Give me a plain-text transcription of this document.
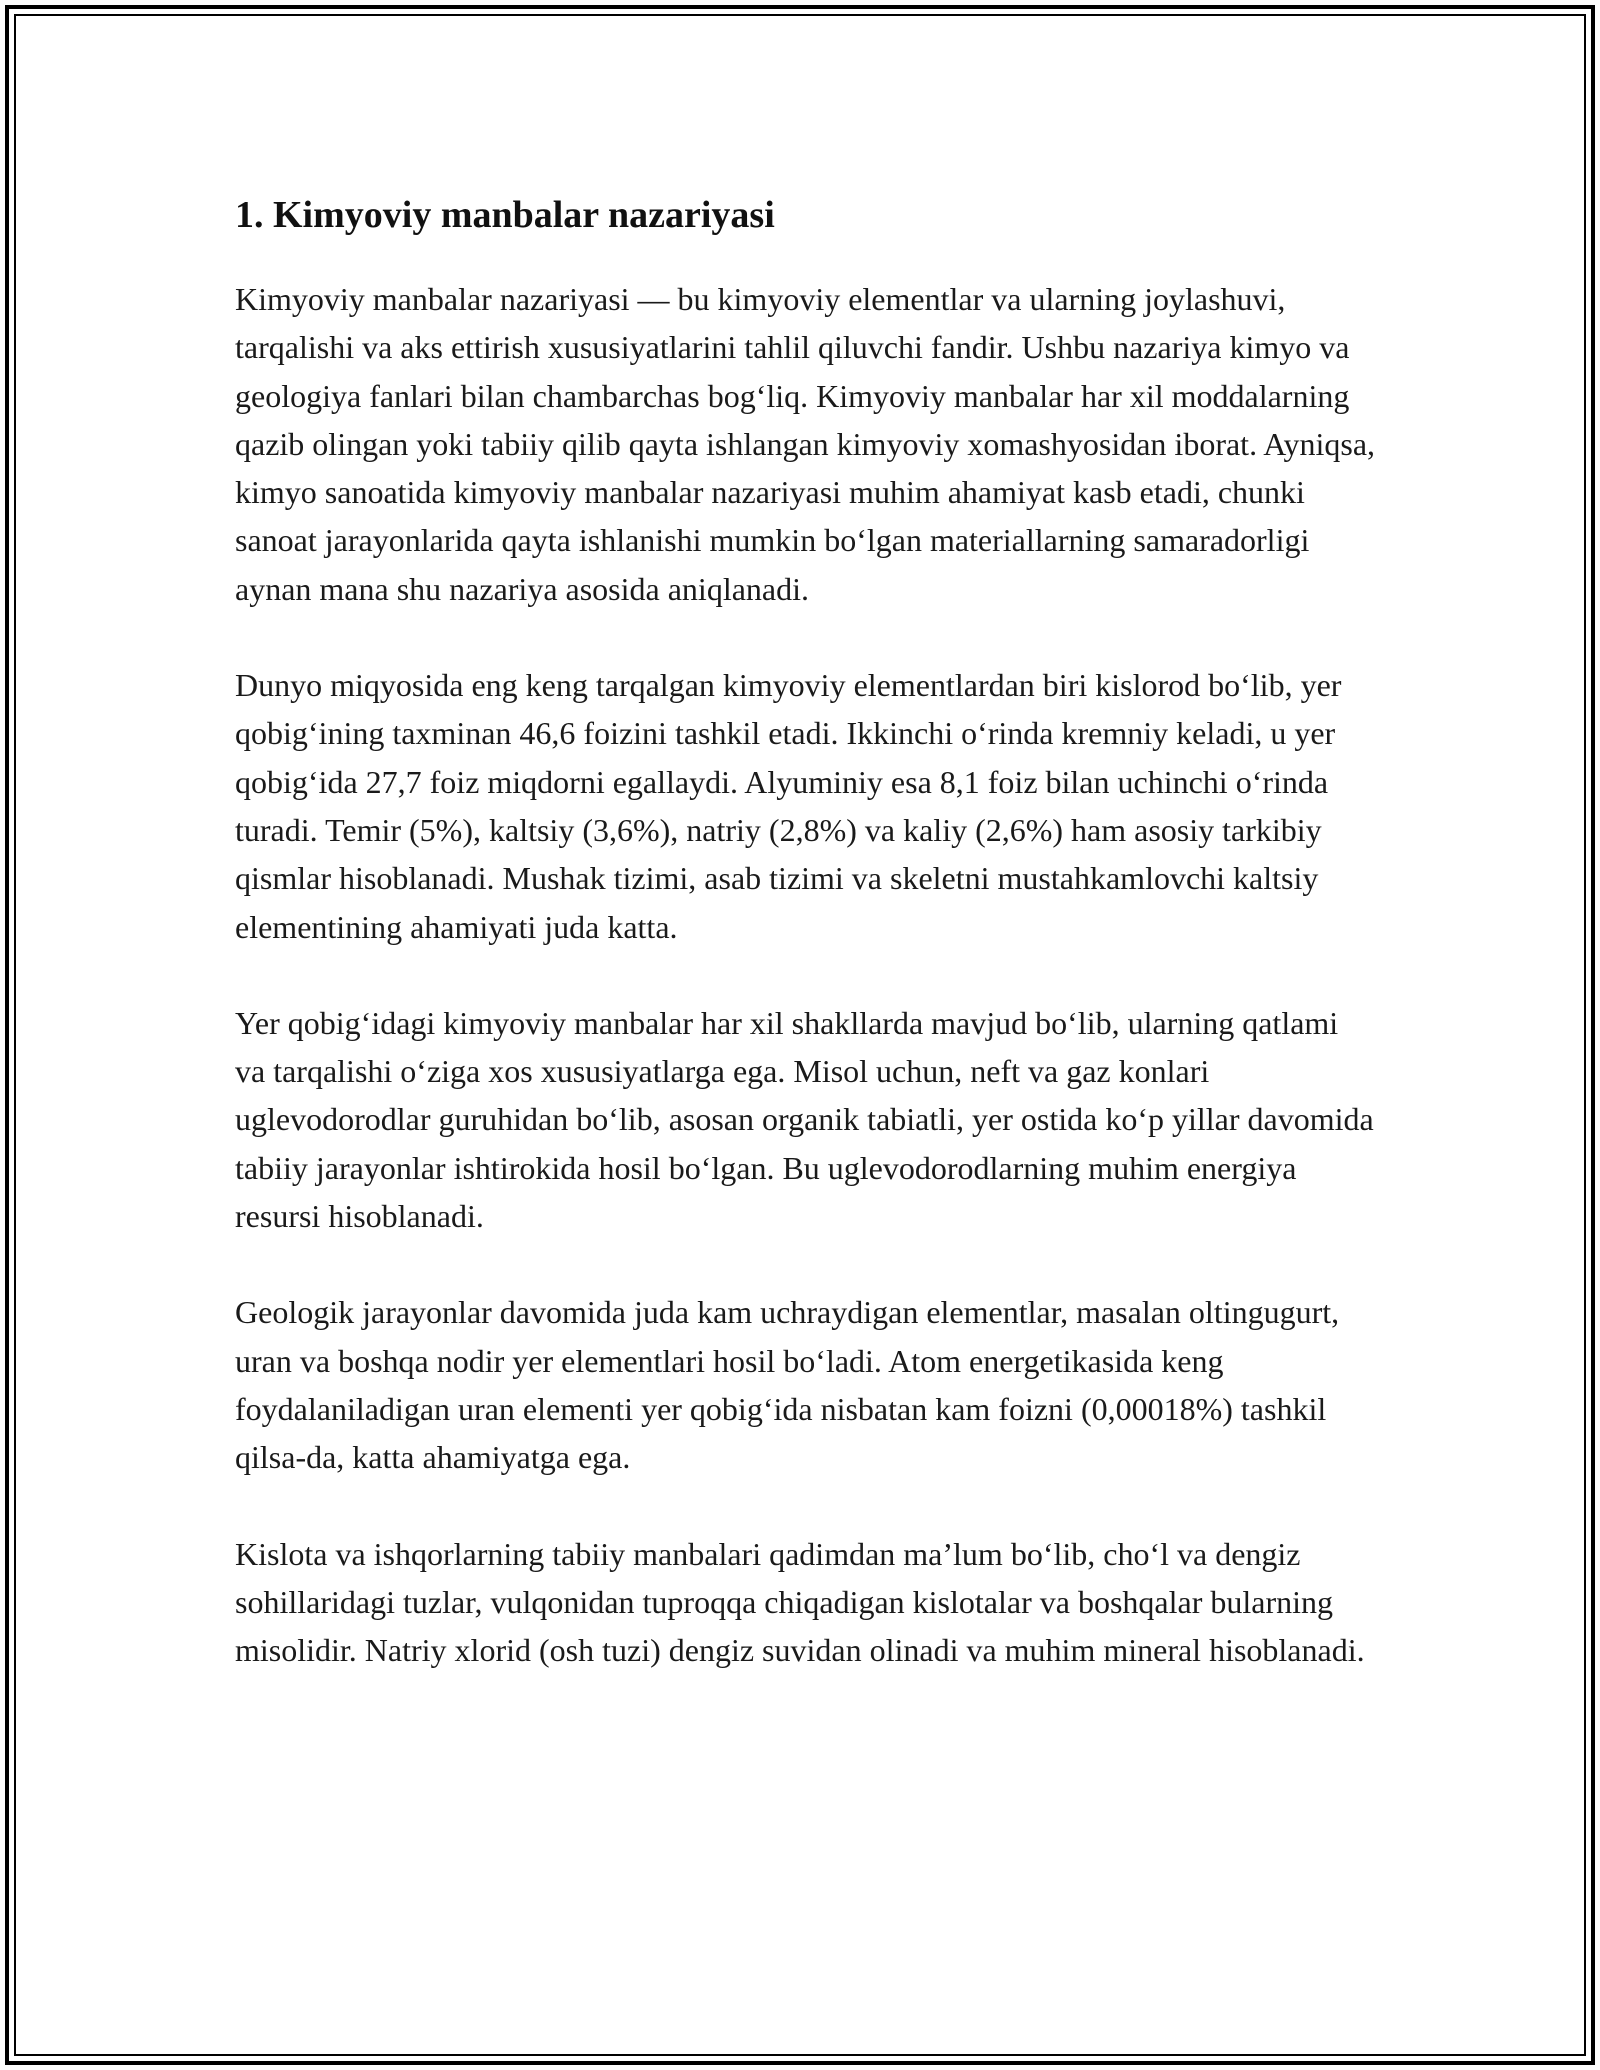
1. Kimyoviy manbalar nazariyasi

Kimyoviy manbalar nazariyasi — bu kimyoviy elementlar va ularning joylashuvi, tarqalishi va aks ettirish xususiyatlarini tahlil qiluvchi fandir. Ushbu nazariya kimyo va geologiya fanlari bilan chambarchas bog‘liq. Kimyoviy manbalar har xil moddalarning qazib olingan yoki tabiiy qilib qayta ishlangan kimyoviy xomashyosidan iborat. Ayniqsa, kimyo sanoatida kimyoviy manbalar nazariyasi muhim ahamiyat kasb etadi, chunki sanoat jarayonlarida qayta ishlanishi mumkin bo‘lgan materiallarning samaradorligi aynan mana shu nazariya asosida aniqlanadi.

Dunyo miqyosida eng keng tarqalgan kimyoviy elementlardan biri kislorod bo‘lib, yer qobig‘ining taxminan 46,6 foizini tashkil etadi. Ikkinchi o‘rinda kremniy keladi, u yer qobig‘ida 27,7 foiz miqdorni egallaydi. Alyuminiy esa 8,1 foiz bilan uchinchi o‘rinda turadi. Temir (5%), kaltsiy (3,6%), natriy (2,8%) va kaliy (2,6%) ham asosiy tarkibiy qismlar hisoblanadi. Mushak tizimi, asab tizimi va skeletni mustahkamlovchi kaltsiy elementining ahamiyati juda katta.

Yer qobig‘idagi kimyoviy manbalar har xil shakllarda mavjud bo‘lib, ularning qatlami va tarqalishi o‘ziga xos xususiyatlarga ega. Misol uchun, neft va gaz konlari uglevodorodlar guruhidan bo‘lib, asosan organik tabiatli, yer ostida ko‘p yillar davomida tabiiy jarayonlar ishtirokida hosil bo‘lgan. Bu uglevodorodlarning muhim energiya resursi hisoblanadi.

Geologik jarayonlar davomida juda kam uchraydigan elementlar, masalan oltingugurt, uran va boshqa nodir yer elementlari hosil bo‘ladi. Atom energetikasida keng foydalaniladigan uran elementi yer qobig‘ida nisbatan kam foizni (0,00018%) tashkil qilsa-da, katta ahamiyatga ega.

Kislota va ishqorlarning tabiiy manbalari qadimdan ma’lum bo‘lib, cho‘l va dengiz sohillaridagi tuzlar, vulqonidan tuproqqa chiqadigan kislotalar va boshqalar bularning misolidir. Natriy xlorid (osh tuzi) dengiz suvidan olinadi va muhim mineral hisoblanadi.
